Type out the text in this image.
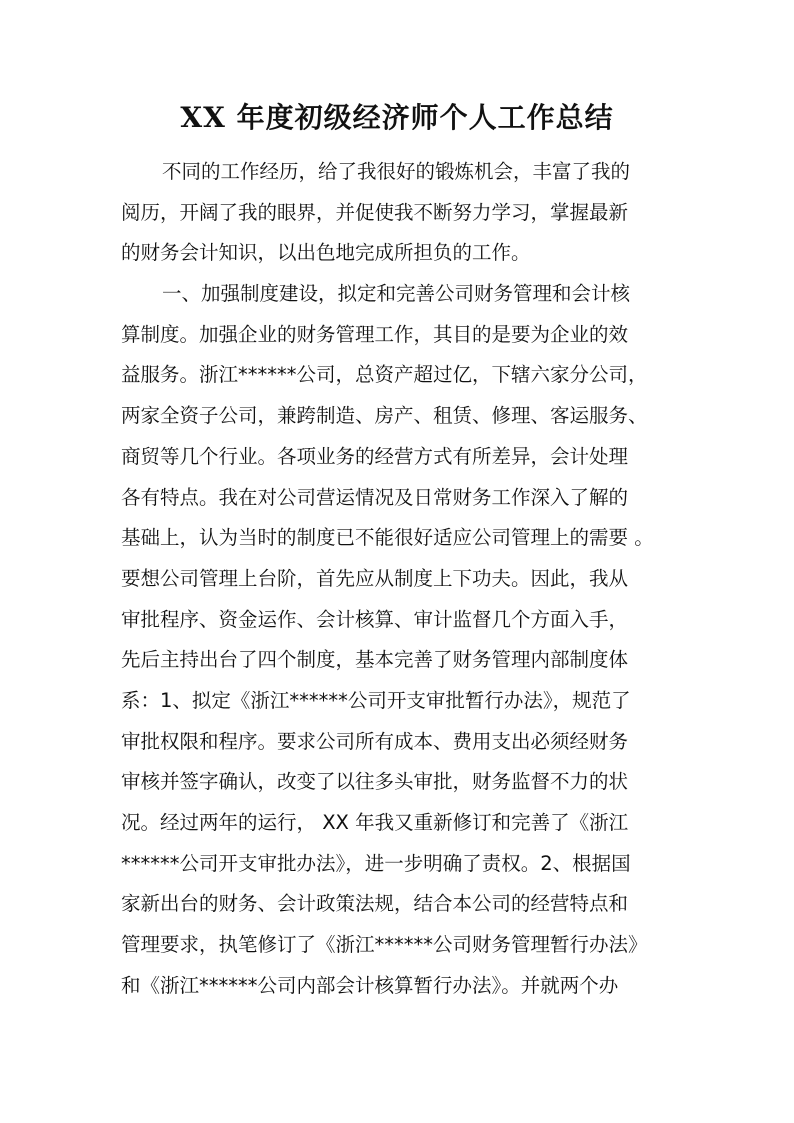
XX 年度初级经济师个人工作总结
不同的工作经历，给了我很好的锻炼机会，丰富了我的
阅历，开阔了我的眼界，并促使我不断努力学习，掌握最新
的财务会计知识，以出色地完成所担负的工作。
一、加强制度建设，拟定和完善公司财务管理和会计核
算制度。加强企业的财务管理工作，其目的是要为企业的效
益服务。浙江******公司，总资产超过亿，下辖六家分公司，
两家全资子公司，兼跨制造、房产、租赁、修理、客运服务、
商贸等几个行业。各项业务的经营方式有所差异，会计处理
各有特点。我在对公司营运情况及日常财务工作深入了解的
基础上，认为当时的制度已不能很好适应公司管理上的需要 。
要想公司管理上台阶，首先应从制度上下功夫。因此，我从
审批程序、资金运作、会计核算、审计监督几个方面入手，
先后主持出台了四个制度，基本完善了财务管理内部制度体
系：1、拟定《浙江******公司开支审批暂行办法》，规范了
审批权限和程序。要求公司所有成本、费用支出必须经财务
审核并签字确认，改变了以往多头审批，财务监督不力的状
况。经过两年的运行， XX 年我又重新修订和完善了《浙江
******公司开支审批办法》，进一步明确了责权。2、根据国
家新出台的财务、会计政策法规，结合本公司的经营特点和
管理要求，执笔修订了《浙江******公司财务管理暂行办法》
和《浙江******公司内部会计核算暂行办法》。并就两个办
